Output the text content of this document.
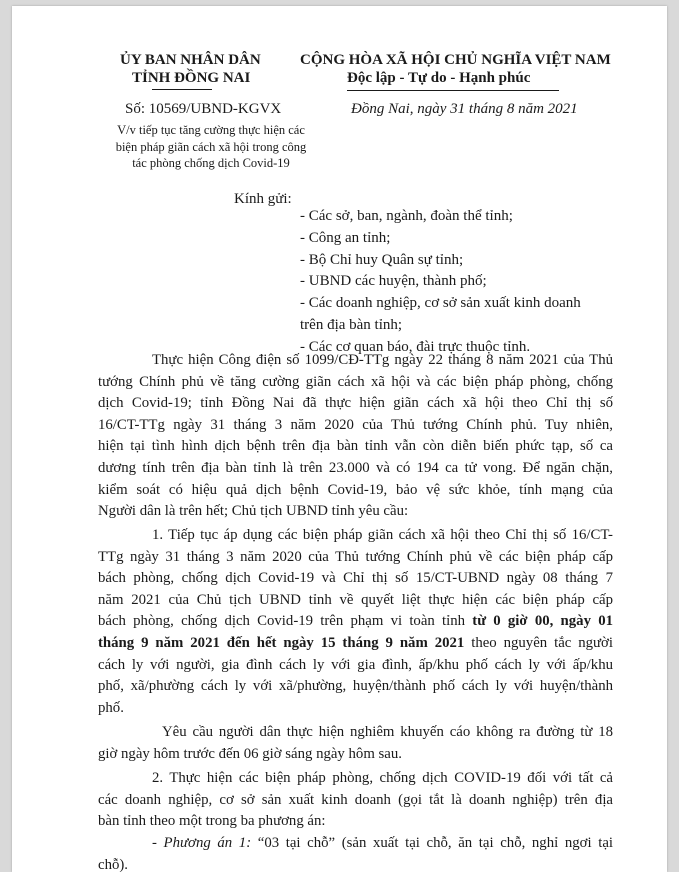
ỦY BAN NHÂN DÂN
TỈNH ĐỒNG NAI
CỘNG HÒA XÃ HỘI CHỦ NGHĨA VIỆT NAM
Độc lập - Tự do - Hạnh phúc
Số: 10569/UBND-KGVX	Đồng Nai, ngày 31 tháng 8 năm 2021
V/v tiếp tục tăng cường thực hiện các
biện pháp giãn cách xã hội trong công
tác phòng chống dịch Covid-19
Kính gửi:
- Các sở, ban, ngành, đoàn thể tỉnh;
- Công an tỉnh;
- Bộ Chỉ huy Quân sự tỉnh;
- UBND các huyện, thành phố;
- Các doanh nghiệp, cơ sở sản xuất kinh doanh
trên địa bàn tỉnh;
- Các cơ quan báo, đài trực thuộc tỉnh.
Thực hiện Công điện số 1099/CĐ-TTg ngày 22 tháng 8 năm 2021 của Thủ
tướng Chính phủ về tăng cường giãn cách xã hội và các biện pháp phòng, chống
dịch Covid-19; tỉnh Đồng Nai đã thực hiện giãn cách xã hội theo Chỉ thị số
16/CT-TTg ngày 31 tháng 3 năm 2020 của Thủ tướng Chính phủ. Tuy nhiên,
hiện tại tình hình dịch bệnh trên địa bàn tỉnh vẫn còn diễn biến phức tạp, số ca
dương tính trên địa bàn tỉnh là trên 23.000 và có 194 ca tử vong. Để ngăn chặn,
kiểm soát có hiệu quả dịch bệnh Covid-19, bảo vệ sức khỏe, tính mạng của
Người dân là trên hết; Chủ tịch UBND tỉnh yêu cầu:
1. Tiếp tục áp dụng các biện pháp giãn cách xã hội theo Chỉ thị số 16/CT-
TTg ngày 31 tháng 3 năm 2020 của Thủ tướng Chính phủ về các biện pháp cấp
bách phòng, chống dịch Covid-19 và Chỉ thị số 15/CT-UBND ngày 08 tháng 7
năm 2021 của Chủ tịch UBND tỉnh về quyết liệt thực hiện các biện pháp cấp
bách phòng, chống dịch Covid-19 trên phạm vi toàn tỉnh từ 0 giờ 00, ngày 01
tháng 9 năm 2021 đến hết ngày 15 tháng 9 năm 2021 theo nguyên tắc người
cách ly với người, gia đình cách ly với gia đình, ấp/khu phố cách ly với ấp/khu
phố, xã/phường cách ly với xã/phường, huyện/thành phố cách ly với huyện/thành
phố.
Yêu cầu người dân thực hiện nghiêm khuyến cáo không ra đường từ 18
giờ ngày hôm trước đến 06 giờ sáng ngày hôm sau.
2. Thực hiện các biện pháp phòng, chống dịch COVID-19 đối với tất cả
các doanh nghiệp, cơ sở sản xuất kinh doanh (gọi tắt là doanh nghiệp) trên địa
bàn tỉnh theo một trong ba phương án:
- Phương án 1: “03 tại chỗ” (sản xuất tại chỗ, ăn tại chỗ, nghỉ ngơi tại
chỗ).
